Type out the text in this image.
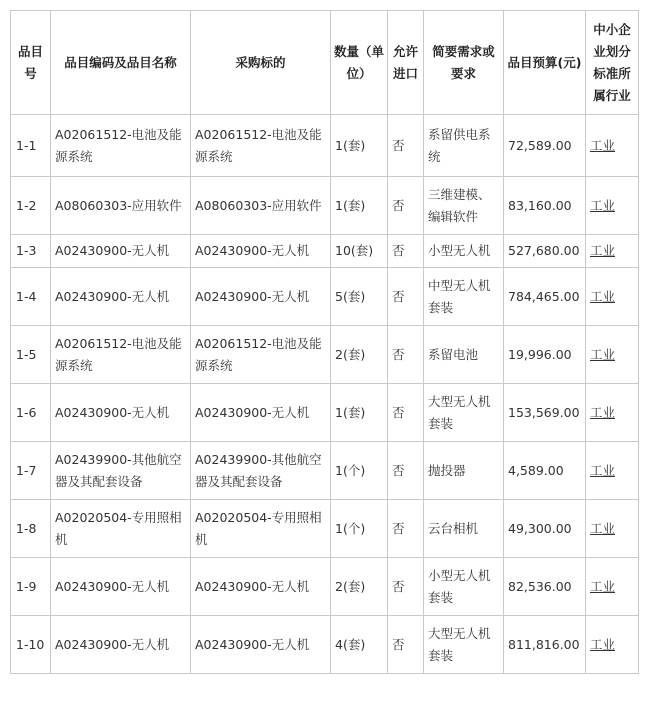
品目号	品目编码及品目名称	采购标的	数量（单位）	允许进口	简要需求或要求	品目预算(元)	中小企业划分标准所属行业
1-1	A02061512-电池及能源系统	A02061512-电池及能源系统	1(套)	否	系留供电系统	72,589.00	工业
1-2	A08060303-应用软件	A08060303-应用软件	1(套)	否	三维建模、编辑软件	83,160.00	工业
1-3	A02430900-无人机	A02430900-无人机	10(套)	否	小型无人机	527,680.00	工业
1-4	A02430900-无人机	A02430900-无人机	5(套)	否	中型无人机套装	784,465.00	工业
1-5	A02061512-电池及能源系统	A02061512-电池及能源系统	2(套)	否	系留电池	19,996.00	工业
1-6	A02430900-无人机	A02430900-无人机	1(套)	否	大型无人机套装	153,569.00	工业
1-7	A02439900-其他航空器及其配套设备	A02439900-其他航空器及其配套设备	1(个)	否	抛投器	4,589.00	工业
1-8	A02020504-专用照相机	A02020504-专用照相机	1(个)	否	云台相机	49,300.00	工业
1-9	A02430900-无人机	A02430900-无人机	2(套)	否	小型无人机套装	82,536.00	工业
1-10	A02430900-无人机	A02430900-无人机	4(套)	否	大型无人机套装	811,816.00	工业
